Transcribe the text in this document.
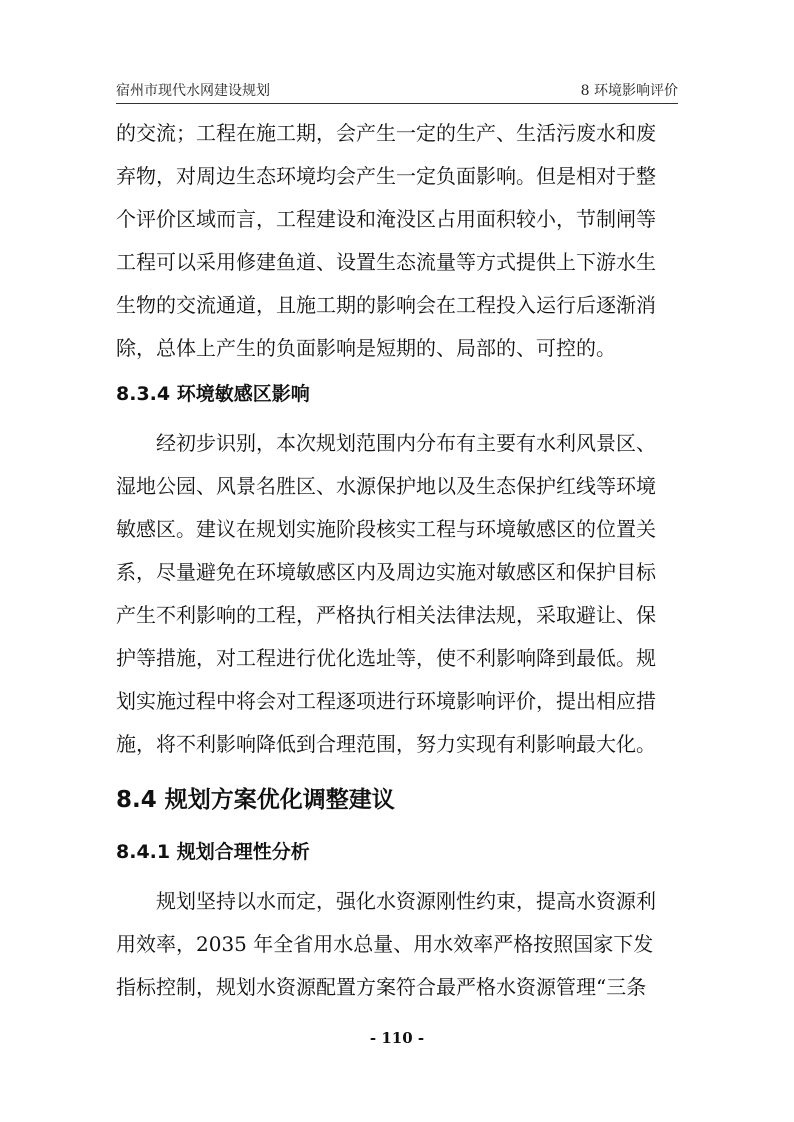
宿州市现代水网建设规划	8 环境影响评价
的交流；工程在施工期，会产生一定的生产、生活污废水和废
弃物，对周边生态环境均会产生一定负面影响。但是相对于整
个评价区域而言，工程建设和淹没区占用面积较小，节制闸等
工程可以采用修建鱼道、设置生态流量等方式提供上下游水生
生物的交流通道，且施工期的影响会在工程投入运行后逐渐消
除，总体上产生的负面影响是短期的、局部的、可控的。
8.3.4 环境敏感区影响
经初步识别，本次规划范围内分布有主要有水利风景区、
湿地公园、风景名胜区、水源保护地以及生态保护红线等环境
敏感区。建议在规划实施阶段核实工程与环境敏感区的位置关
系，尽量避免在环境敏感区内及周边实施对敏感区和保护目标
产生不利影响的工程，严格执行相关法律法规，采取避让、保
护等措施，对工程进行优化选址等，使不利影响降到最低。规
划实施过程中将会对工程逐项进行环境影响评价，提出相应措
施，将不利影响降低到合理范围，努力实现有利影响最大化。
8.4 规划方案优化调整建议
8.4.1 规划合理性分析
规划坚持以水而定，强化水资源刚性约束，提高水资源利
用效率，2035 年全省用水总量、用水效率严格按照国家下发
指标控制，规划水资源配置方案符合最严格水资源管理“三条
- 110 -
